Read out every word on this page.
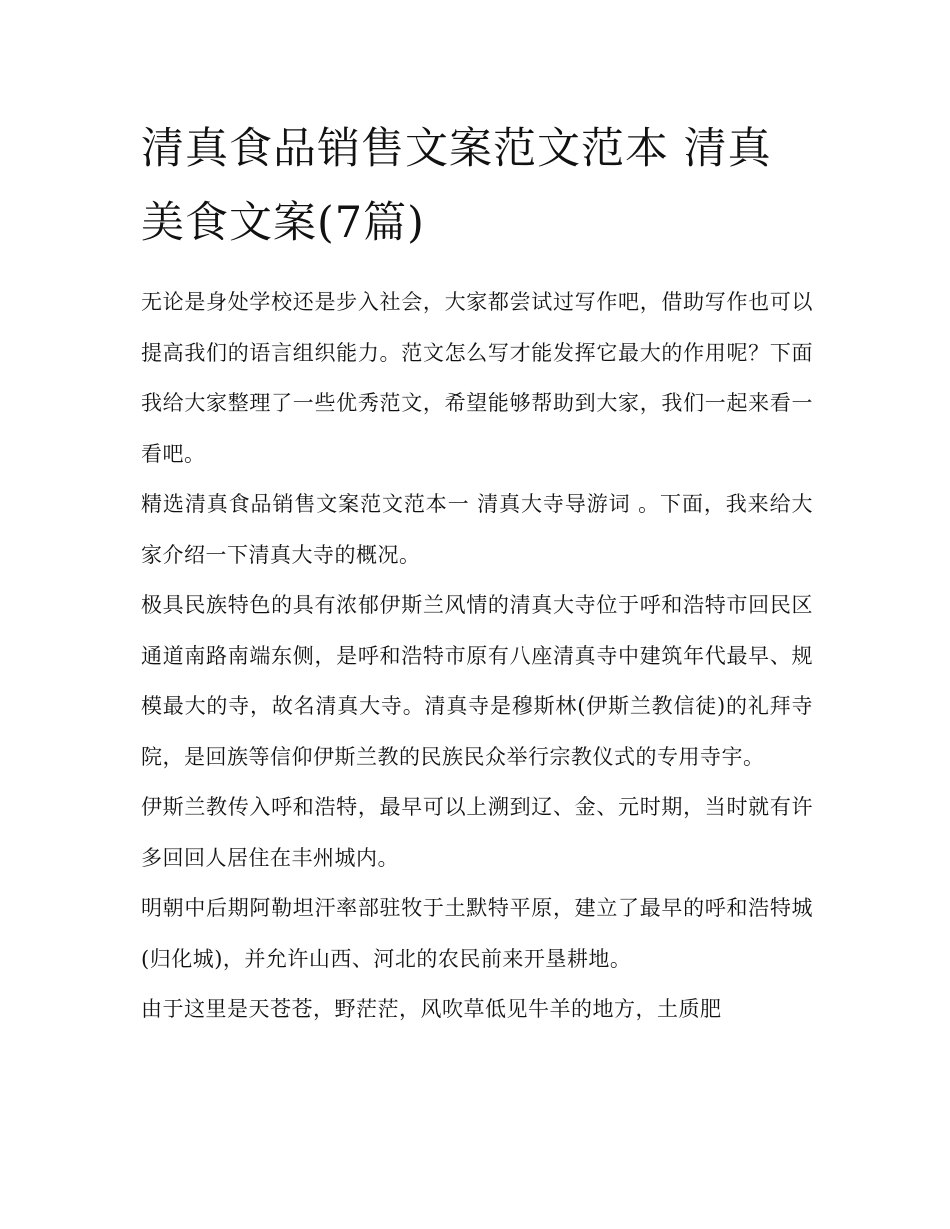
清真食品销售文案范文范本 清真美食文案(7篇)

无论是身处学校还是步入社会，大家都尝试过写作吧，借助写作也可以提高我们的语言组织能力。范文怎么写才能发挥它最大的作用呢？下面我给大家整理了一些优秀范文，希望能够帮助到大家，我们一起来看一看吧。

精选清真食品销售文案范文范本一 清真大寺导游词 。下面，我来给大家介绍一下清真大寺的概况。

极具民族特色的具有浓郁伊斯兰风情的清真大寺位于呼和浩特市回民区通道南路南端东侧，是呼和浩特市原有八座清真寺中建筑年代最早、规模最大的寺，故名清真大寺。清真寺是穆斯林(伊斯兰教信徒)的礼拜寺院，是回族等信仰伊斯兰教的民族民众举行宗教仪式的专用寺宇。

伊斯兰教传入呼和浩特，最早可以上溯到辽、金、元时期，当时就有许多回回人居住在丰州城内。

明朝中后期阿勒坦汗率部驻牧于土默特平原，建立了最早的呼和浩特城(归化城)，并允许山西、河北的农民前来开垦耕地。

由于这里是天苍苍，野茫茫，风吹草低见牛羊的地方，土质肥
